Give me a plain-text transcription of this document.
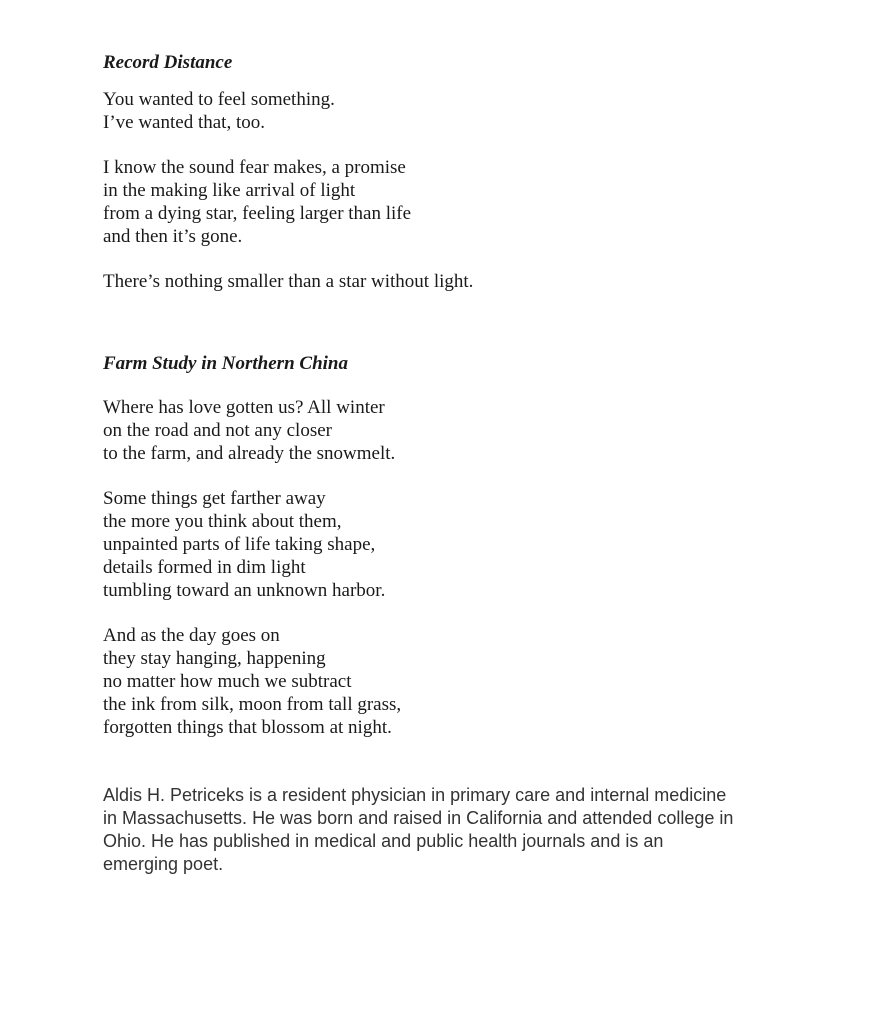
Record Distance

You wanted to feel something.
I’ve wanted that, too.

I know the sound fear makes, a promise
in the making like arrival of light
from a dying star, feeling larger than life
and then it’s gone.

There’s nothing smaller than a star without light.

Farm Study in Northern China

Where has love gotten us? All winter
on the road and not any closer
to the farm, and already the snowmelt.

Some things get farther away
the more you think about them,
unpainted parts of life taking shape,
details formed in dim light
tumbling toward an unknown harbor.

And as the day goes on
they stay hanging, happening
no matter how much we subtract
the ink from silk, moon from tall grass,
forgotten things that blossom at night.

Aldis H. Petriceks is a resident physician in primary care and internal medicine in Massachusetts. He was born and raised in California and attended college in Ohio. He has published in medical and public health journals and is an emerging poet.
